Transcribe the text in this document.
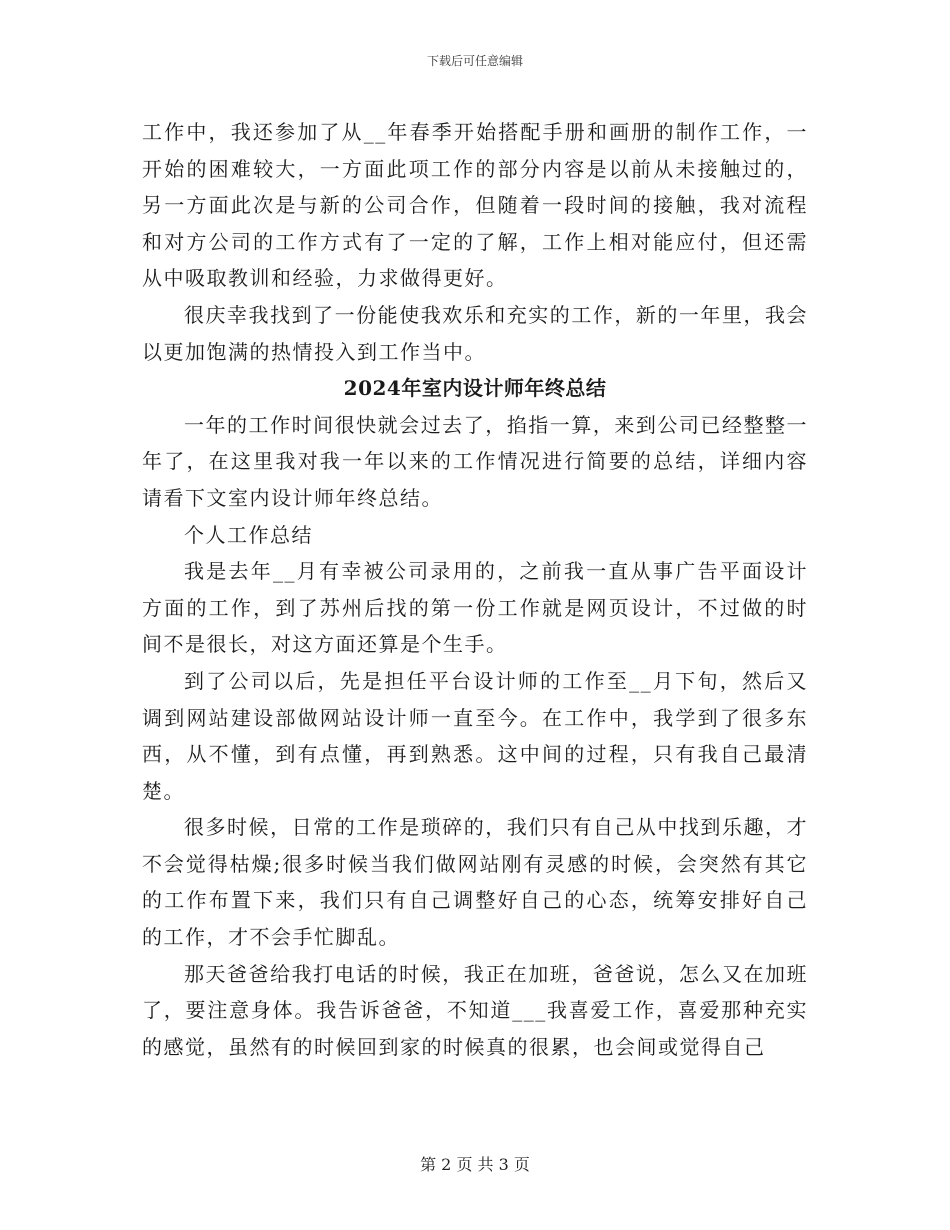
下载后可任意编辑

工作中，我还参加了从__年春季开始搭配手册和画册的制作工作，一开始的困难较大，一方面此项工作的部分内容是以前从未接触过的，另一方面此次是与新的公司合作，但随着一段时间的接触，我对流程和对方公司的工作方式有了一定的了解，工作上相对能应付，但还需从中吸取教训和经验，力求做得更好。

很庆幸我找到了一份能使我欢乐和充实的工作，新的一年里，我会以更加饱满的热情投入到工作当中。

2024年室内设计师年终总结

一年的工作时间很快就会过去了，掐指一算，来到公司已经整整一年了，在这里我对我一年以来的工作情况进行简要的总结，详细内容请看下文室内设计师年终总结。

个人工作总结

我是去年__月有幸被公司录用的，之前我一直从事广告平面设计方面的工作，到了苏州后找的第一份工作就是网页设计，不过做的时间不是很长，对这方面还算是个生手。

到了公司以后，先是担任平台设计师的工作至__月下旬，然后又调到网站建设部做网站设计师一直至今。在工作中，我学到了很多东西，从不懂，到有点懂，再到熟悉。这中间的过程，只有我自己最清楚。

很多时候，日常的工作是琐碎的，我们只有自己从中找到乐趣，才不会觉得枯燥;很多时候当我们做网站刚有灵感的时候，会突然有其它的工作布置下来，我们只有自己调整好自己的心态，统筹安排好自己的工作，才不会手忙脚乱。

那天爸爸给我打电话的时候，我正在加班，爸爸说，怎么又在加班了，要注意身体。我告诉爸爸，不知道___我喜爱工作，喜爱那种充实的感觉，虽然有的时候回到家的时候真的很累，也会间或觉得自己

第 2 页 共 3 页
